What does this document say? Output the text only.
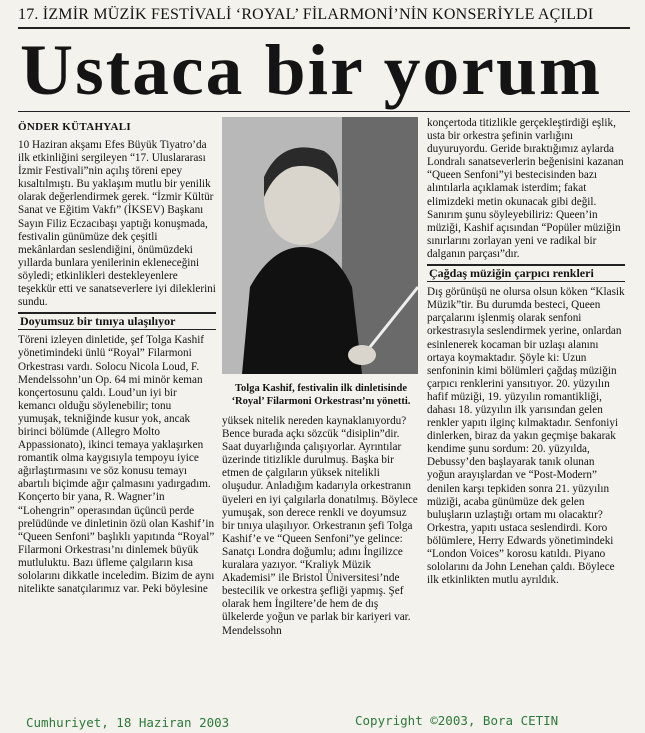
17. İZMİR MÜZİK FESTİVALİ ‘ROYAL’ FİLARMONİ’NİN KONSERİYLE AÇILDI
Ustaca bir yorum
ÖNDER KÜTAHYALI

10 Haziran akşamı Efes Büyük Tiyatro’da ilk etkinliğini sergileyen “17. Uluslararası İzmir Festivali”nin açılış töreni epey kısaltılmıştı. Bu yaklaşım mutlu bir yenilik olarak değerlendirmek gerek. “İzmir Kültür Sanat ve Eğitim Vakfı” (İKSEV) Başkanı Sayın Filiz Eczacıbaşı yaptığı konuşmada, festivalin günümüze dek çeşitli mekânlardan seslendiğini, önümüzdeki yıllarda bunlara yenilerinin ekleneceğini söyledi; etkinlikleri destekleyenlere teşekkür etti ve sanatseverlere iyi dileklerini sundu.

Doyumsuz bir tınıya ulaşılıyor

Töreni izleyen dinletide, şef Tolga Kashif yönetimindeki ünlü “Royal” Filarmoni Orkestrası vardı. Solocu Nicola Loud, F. Mendelssohn’un Op. 64 mi minör keman konçertosunu çaldı. Loud’un iyi bir kemancı olduğu söylenebilir; tonu yumuşak, tekniğinde kusur yok, ancak birinci bölümde (Allegro Molto Appassionato), ikinci temaya yaklaşırken romantik olma kaygısıyla tempoyu iyice ağırlaştırmasını ve söz konusu temayı abartılı biçimde ağır çalmasını yadırgadım. Konçerto bir yana, R. Wagner’in “Lohengrin” operasından üçüncü perde prelüdünde ve dinletinin özü olan Kashif’in “Queen Senfoni” başlıklı yapıtında “Royal” Filarmoni Orkestrası’nı dinlemek büyük mutluluktu. Bazı üfleme çalgıların kısa sololarını dikkatle inceledim. Bizim de aynı nitelikte sanatçılarımız var. Peki böylesine

Tolga Kashif, festivalin ilk dinletisinde ‘Royal’ Filarmoni Orkestrası’nı yönetti.

yüksek nitelik nereden kaynaklanıyordu? Bence burada açkı sözcük “disiplin”dir. Saat duyarlığında çalışıyorlar. Ayrıntılar üzerinde titizlikle durulmuş. Başka bir etmen de çalgıların yüksek nitelikli oluşudur. Anladığım kadarıyla orkestranın üyeleri en iyi çalgılarla donatılmış. Böylece yumuşak, son derece renkli ve doyumsuz bir tınıya ulaşılıyor. Orkestranın şefi Tolga Kashif’e ve “Queen Senfoni”ye gelince: Sanatçı Londra doğumlu; adını İngilizce kuralara yazıyor. “Kraliyk Müzik Akademisi” ile Bristol Üniversitesi’nde bestecilik ve orkestra şefliği yapmış. Şef olarak hem İngiltere’de hem de dış ülkelerde yoğun ve parlak bir kariyeri var. Mendelssohn

konçertoda titizlikle gerçekleştirdiği eşlik, usta bir orkestra şefinin varlığını duyuruyordu. Geride bıraktığımız aylarda Londralı sanatseverlerin beğenisini kazanan “Queen Senfoni”yi bestecisinden bazı alıntılarla açıklamak isterdim; fakat elimizdeki metin okunacak gibi değil. Sanırım şunu söyleyebiliriz: Queen’in müziği, Kashif açısından “Popüler müziğin sınırlarını zorlayan yeni ve radikal bir dalganın parçası”dır.

Çağdaş müziğin çarpıcı renkleri

Dış görünüşü ne olursa olsun köken “Klasik Müzik”tir. Bu durumda besteci, Queen parçalarını işlenmiş olarak senfoni orkestrasıyla seslendirmek yerine, onlardan esinlenerek kocaman bir uzlaşı alanını ortaya koymaktadır. Şöyle ki: Uzun senfoninin kimi bölümleri çağdaş müziğin çarpıcı renklerini yansıtıyor. 20. yüzyılın hafif müziği, 19. yüzyılın romantikliği, dahası 18. yüzyılın ilk yarısından gelen renkler yapıtı ilginç kılmaktadır. Senfoniyi dinlerken, biraz da yakın geçmişe bakarak kendime şunu sordum: 20. yüzyılda, Debussy’den başlayarak tanık olunan yoğun arayışlardan ve “Post-Modern” denilen karşı tepkiden sonra 21. yüzyılın müziği, acaba günümüze dek gelen buluşların uzlaştığı ortam mı olacaktır? Orkestra, yapıtı ustaca seslendirdi. Koro bölümlere, Herry Edwards yönetimindeki “London Voices” korosu katıldı. Piyano sololarını da John Lenehan çaldı. Böylece ilk etkinlikten mutlu ayrıldık.

Cumhuriyet, 18 Haziran 2003	Copyright ©2003, Bora CETIN
